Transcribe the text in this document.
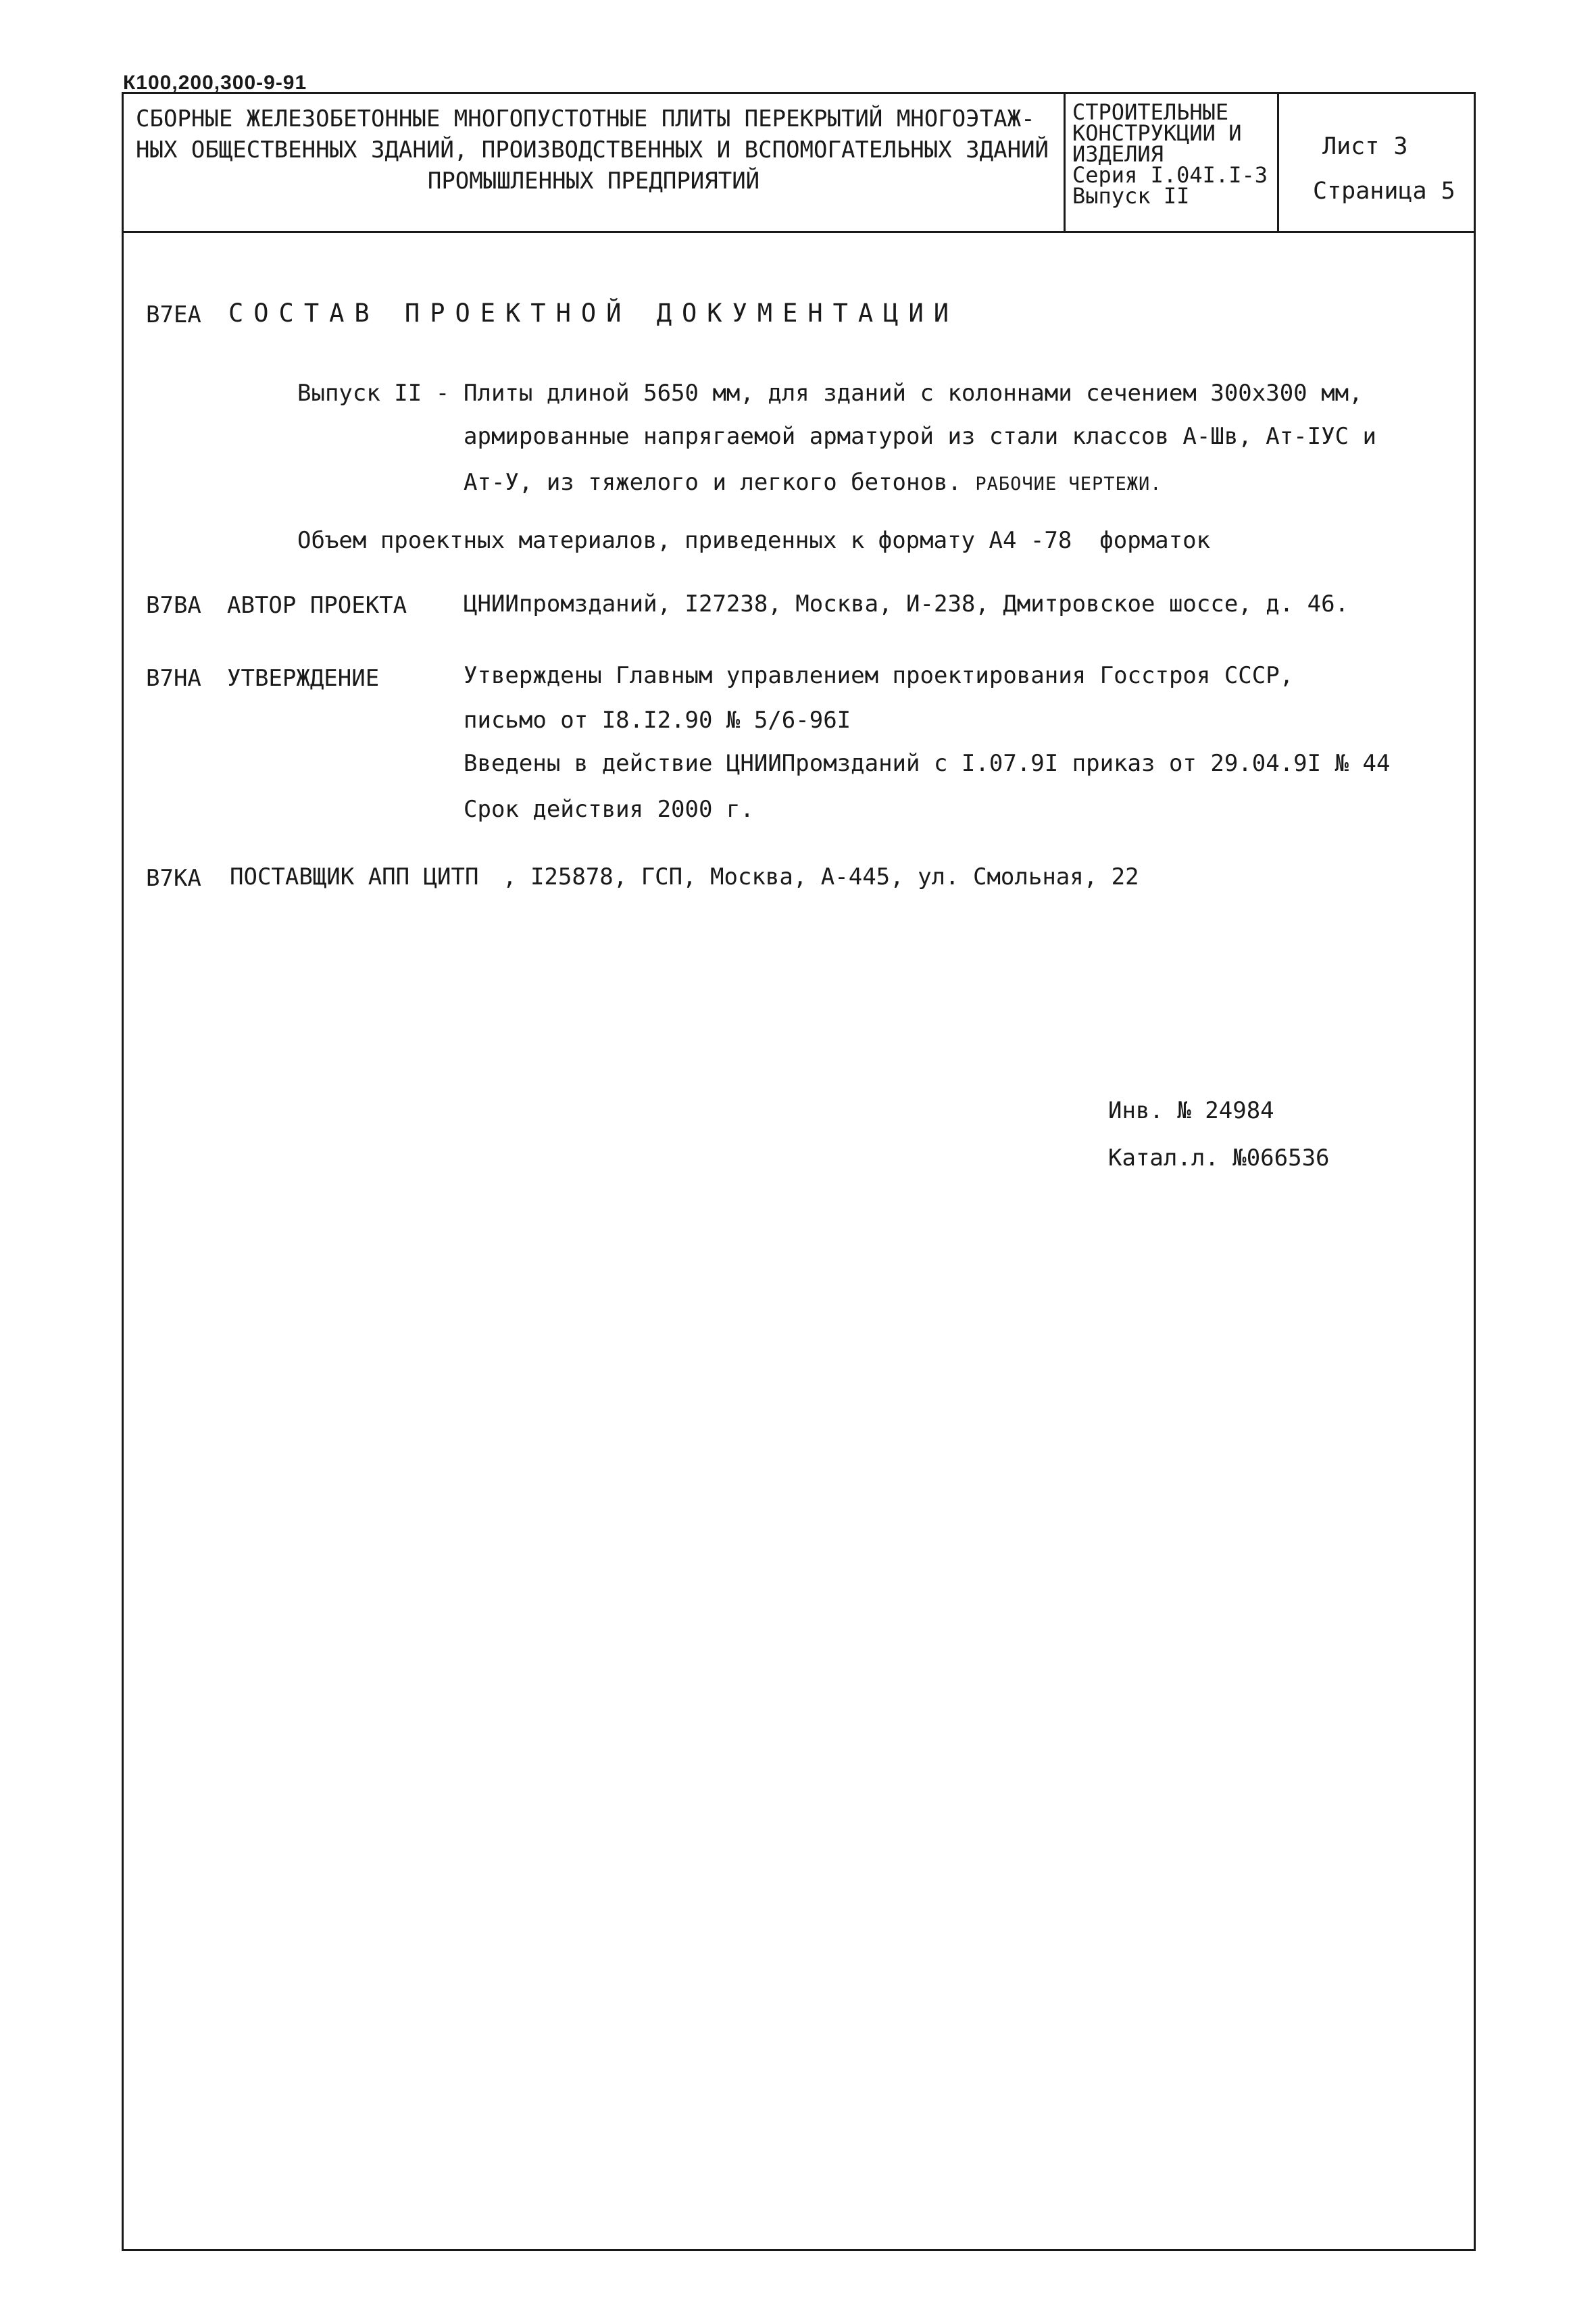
К100,200,300-9-91
СБОРНЫЕ ЖЕЛЕЗОБЕТОННЫЕ МНОГОПУСТОТНЫЕ ПЛИТЫ ПЕРЕКРЫТИЙ МНОГОЭТАЖ-
НЫХ ОБЩЕСТВЕННЫХ ЗДАНИЙ, ПРОИЗВОДСТВЕННЫХ И ВСПОМОГАТЕЛЬНЫХ ЗДАНИЙ
ПРОМЫШЛЕННЫХ ПРЕДПРИЯТИЙ
СТРОИТЕЛЬНЫЕ
КОНСТРУКЦИИ И
ИЗДЕЛИЯ
Серия I.04I.I-3
Выпуск II
Лист 3
Страница 5
В7ЕА СОСТАВ ПРОЕКТНОЙ ДОКУМЕНТАЦИИ
Выпуск II - Плиты длиной 5650 мм, для зданий с колоннами сечением 300х300 мм,
армированные напрягаемой арматурой из стали классов А-Шв, Ат-IУС и
Ат-У, из тяжелого и легкого бетонов. РАБОЧИЕ ЧЕРТЕЖИ.
Объем проектных материалов, приведенных к формату А4 -78 форматок
В7ВА АВТОР ПРОЕКТА ЦНИИпромзданий, I27238, Москва, И-238, Дмитровское шоссе, д. 46.
В7НА УТВЕРЖДЕНИЕ	Утверждены Главным управлением проектирования Госстроя СССР,
письмо от I8.I2.90 № 5/6-96I
Введены в действие ЦНИИПромзданий с I.07.9I приказ от 29.04.9I № 44
Срок действия 2000 г.
В7КА ПОСТАВЩИК АПП ЦИТП , I25878, ГСП, Москва, А-445, ул. Смольная, 22
Инв. № 24984
Катал.л. №066536
